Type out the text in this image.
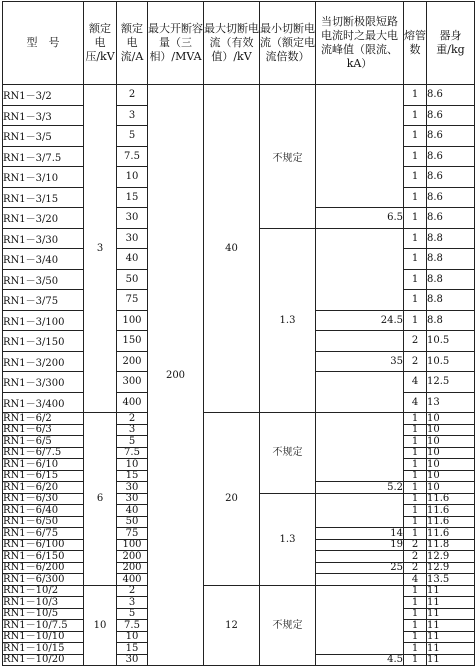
型　号	额定电压/kV	额定电流/A	最大开断容　量（三相）/MVA	最大切断电　流（有效值）/kV	最小切断电　流（额定电流倍数）	当切断极限短路电流时之最大电流峰值（限流、kA）	熔管数	器身重/kg
RN1－3/2	3	2	200	40	不规定		1	8.6
RN1－3/3		3					1	8.6
RN1－3/5		5					1	8.6
RN1－3/7.5		7.5					1	8.6
RN1－3/10		10					1	8.6
RN1－3/15		15					1	8.6
RN1－3/20		30				6.5	1	8.6
RN1－3/30		30			1.3		1	8.8
RN1－3/40		40					1	8.8
RN1－3/50		50					1	8.8
RN1－3/75		75					1	8.8
RN1－3/100		100				24.5	1	8.8
RN1－3/150		150					2	10.5
RN1－3/200		200				35	2	10.5
RN1－3/300		300					4	12.5
RN1－3/400		400					4	13
RN1－6/2	6	2		20	不规定		1	10
RN1－6/3		3					1	10
RN1－6/5		5					1	10
RN1－6/7.5		7.5					1	10
RN1－6/10		10					1	10
RN1－6/15		15					1	10
RN1－6/20		30				5.2	1	10
RN1－6/30		30			1.3		1	11.6
RN1－6/40		40					1	11.6
RN1－6/50		50					1	11.6
RN1－6/75		75				14	1	11.6
RN1－6/100		100				19	2	11.8
RN1－6/150		200					2	12.9
RN1－6/200		200				25	2	12.9
RN1－6/300		400					4	13.5
RN1－10/2	10	2		12	不规定		1	11
RN1－10/3		3					1	11
RN1－10/5		5					1	11
RN1－10/7.5		7.5					1	11
RN1－10/10		10					1	11
RN1－10/15		15					1	11
RN1－10/20		30				4.5	1	11
